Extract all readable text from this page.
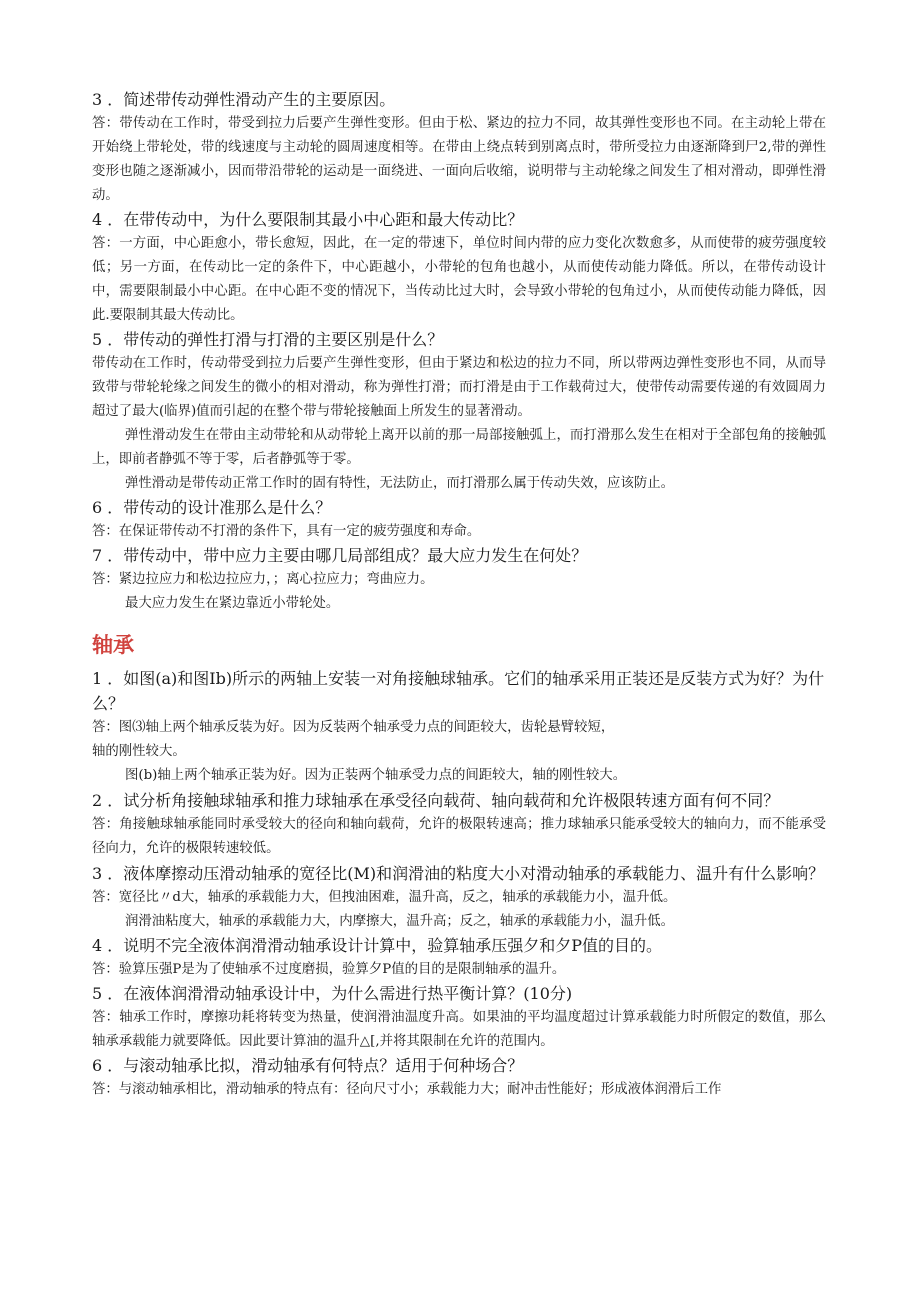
3 ．简述带传动弹性滑动产生的主要原因。

答：带传动在工作时，带受到拉力后要产生弹性变形。但由于松、紧边的拉力不同，故其弹性变形也不同。在主动轮上带在开始绕上带轮处，带的线速度与主动轮的圆周速度相等。在带由上绕点转到别离点时，带所受拉力由逐渐降到尸2,带的弹性变形也随之逐渐减小，因而带沿带轮的运动是一面绕进、一面向后收缩，说明带与主动轮缘之间发生了相对滑动，即弹性滑动。

4 ．在带传动中，为什么要限制其最小中心距和最大传动比？

答：一方面，中心距愈小，带长愈短，因此，在一定的带速下，单位时间内带的应力变化次数愈多，从而使带的疲劳强度较低；另一方面，在传动比一定的条件下，中心距越小，小带轮的包角也越小，从而使传动能力降低。所以，在带传动设计中，需要限制最小中心距。在中心距不变的情况下，当传动比过大时，会导致小带轮的包角过小，从而使传动能力降低，因此.要限制其最大传动比。

5 ．带传动的弹性打滑与打滑的主要区别是什么？

带传动在工作时，传动带受到拉力后要产生弹性变形，但由于紧边和松边的拉力不同，所以带两边弹性变形也不同，从而导致带与带轮轮缘之间发生的微小的相对滑动，称为弹性打滑；而打滑是由于工作载荷过大，使带传动需要传递的有效圆周力超过了最大(临界)值而引起的在整个带与带轮接触面上所发生的显著滑动。

弹性滑动发生在带由主动带轮和从动带轮上离开以前的那一局部接触弧上，而打滑那么发生在相对于全部包角的接触弧上，即前者静弧不等于零，后者静弧等于零。

弹性滑动是带传动正常工作时的固有特性，无法防止，而打滑那么属于传动失效，应该防止。

6 ．带传动的设计准那么是什么？

答：在保证带传动不打滑的条件下，具有一定的疲劳强度和寿命。

7 ．带传动中，带中应力主要由哪几局部组成？最大应力发生在何处？

答：紧边拉应力和松边拉应力，；离心拉应力；弯曲应力。

最大应力发生在紧边靠近小带轮处。

轴承

1 ．如图(a)和图Ib)所示的两轴上安装一对角接触球轴承。它们的轴承采用正装还是反装方式为好？为什么？

答：图⑶轴上两个轴承反装为好。因为反装两个轴承受力点的间距较大，齿轮悬臂较短，

轴的刚性较大。

图(b)轴上两个轴承正装为好。因为正装两个轴承受力点的间距较大，轴的刚性较大。

2 ．试分析角接触球轴承和推力球轴承在承受径向载荷、轴向载荷和允许极限转速方面有何不同？

答：角接触球轴承能同时承受较大的径向和轴向载荷，允许的极限转速高；推力球轴承只能承受较大的轴向力，而不能承受径向力，允许的极限转速较低。

3 ．液体摩擦动压滑动轴承的宽径比(M)和润滑油的粘度大小对滑动轴承的承载能力、温升有什么影响？

答：宽径比〃d大，轴承的承载能力大，但拽油困难，温升高，反之，轴承的承载能力小，温升低。

润滑油粘度大，轴承的承载能力大，内摩擦大，温升高；反之，轴承的承载能力小，温升低。

4 ．说明不完全液体润滑滑动轴承设计计算中，验算轴承压强夕和夕P值的目的。

答：验算压强P是为了使轴承不过度磨损，验算夕P值的目的是限制轴承的温升。

5 ．在液体润滑滑动轴承设计中，为什么需进行热平衡计算？(10分)

答：轴承工作时，摩擦功耗将转变为热量，使润滑油温度升高。如果油的平均温度超过计算承载能力时所假定的数值，那么轴承承载能力就要降低。因此要计算油的温升△[,并将其限制在允许的范围内。

6 ．与滚动轴承比拟，滑动轴承有何特点？适用于何种场合？

答：与滚动轴承相比，滑动轴承的特点有：径向尺寸小；承载能力大；耐冲击性能好；形成液体润滑后工作
